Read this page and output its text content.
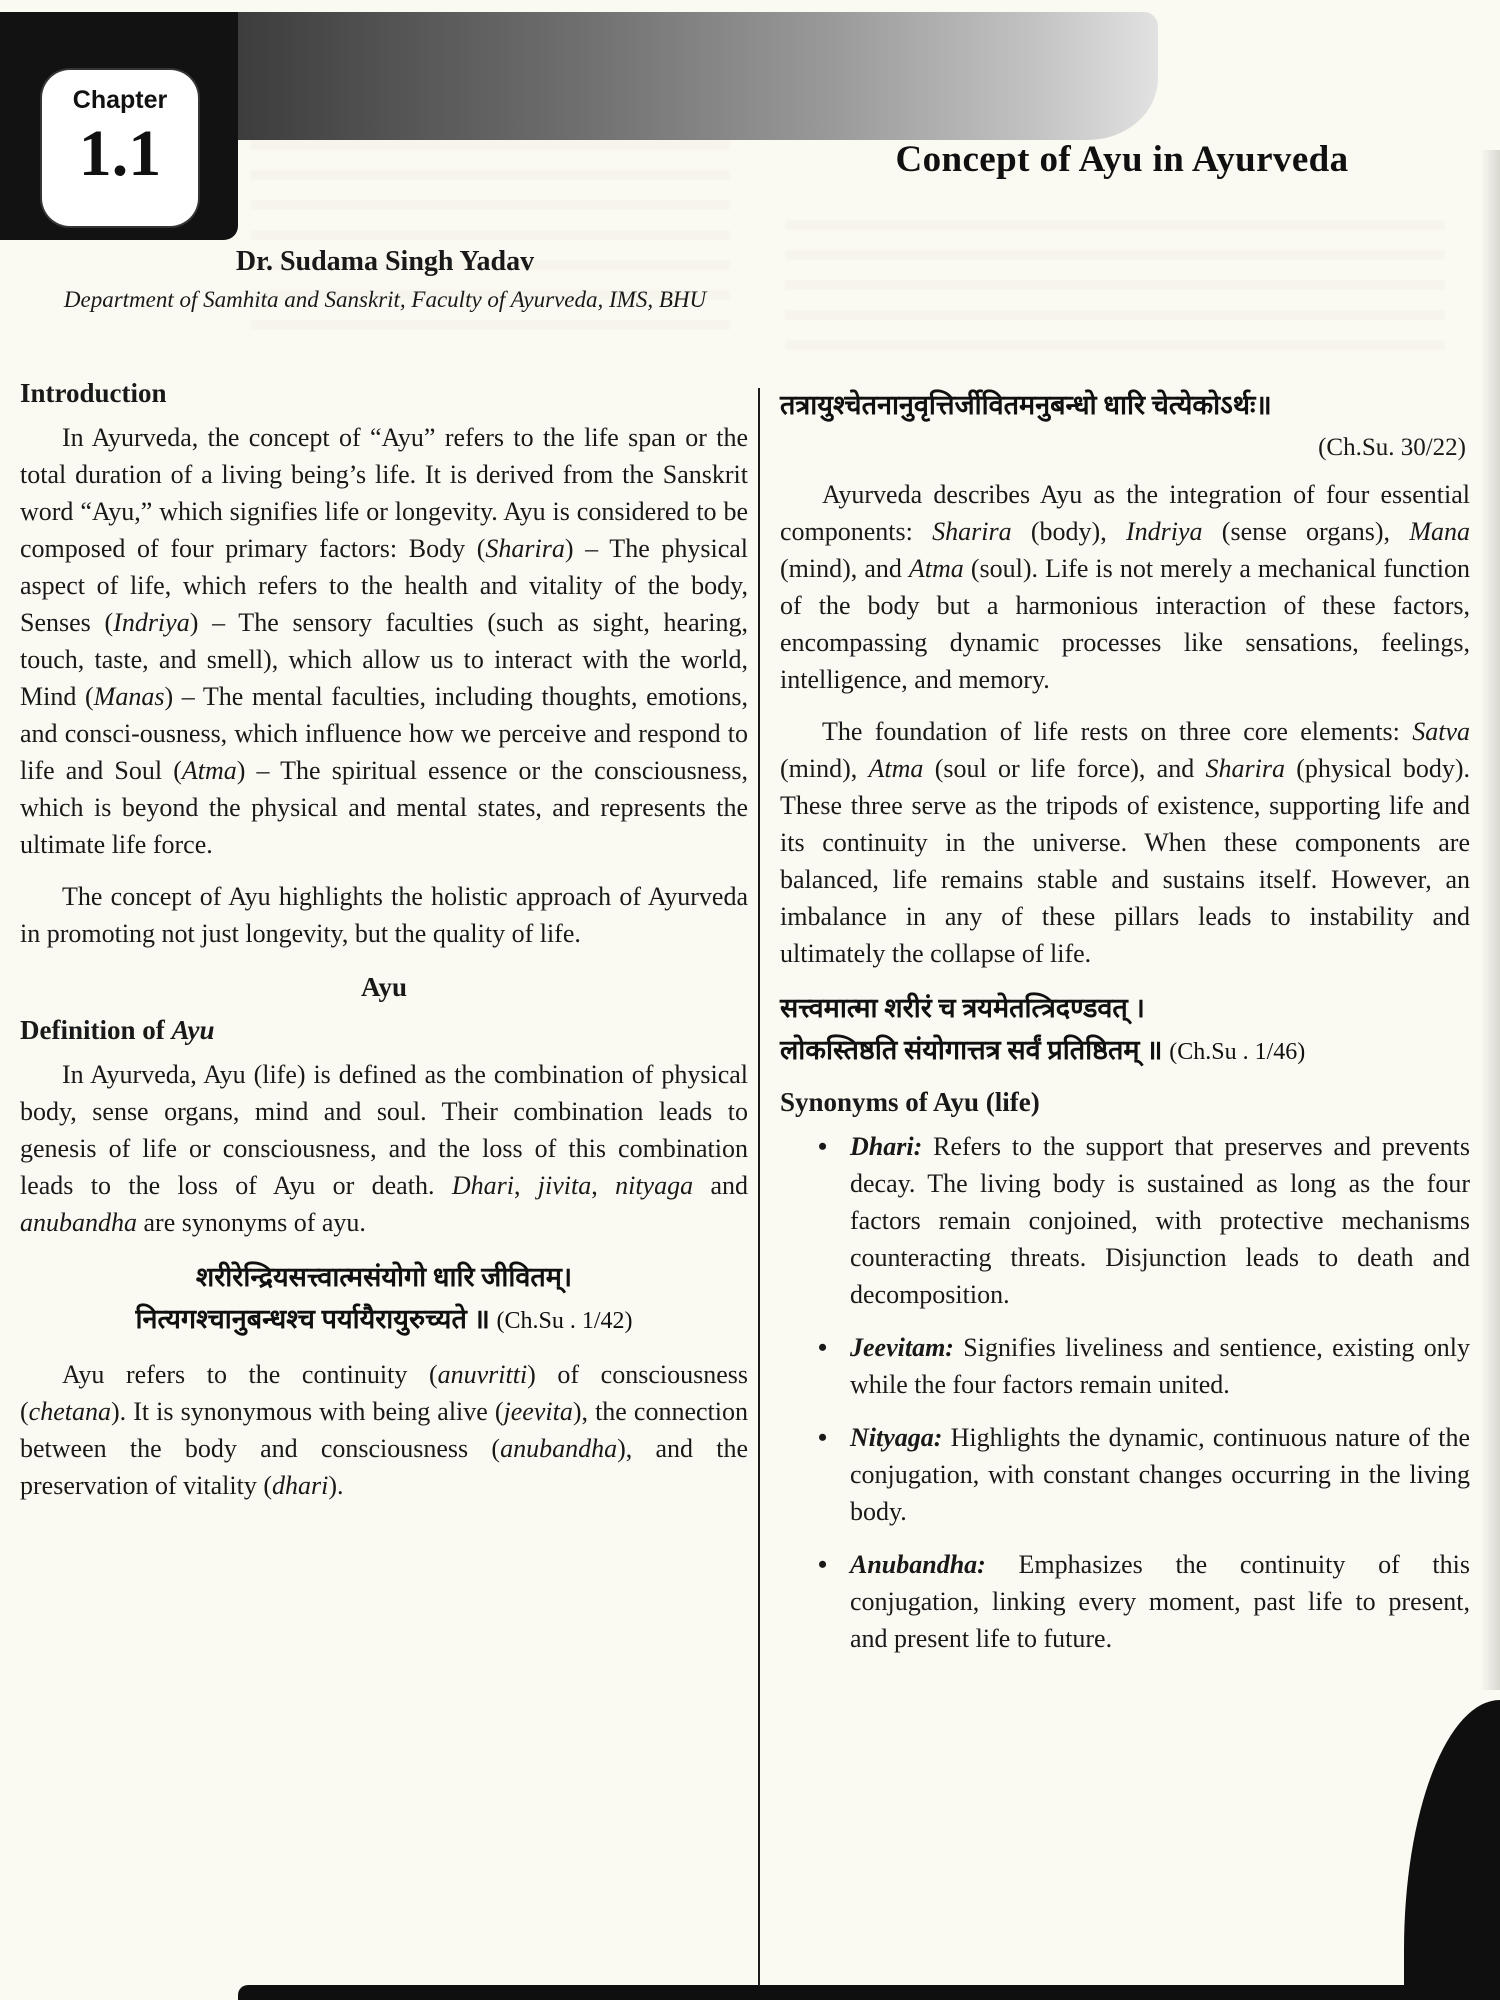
Chapter
1.1	Concept of Ayu in Ayurveda
Dr. Sudama Singh Yadav
Department of Samhita and Sanskrit, Faculty of Ayurveda, IMS, BHU
Introduction

In Ayurveda, the concept of “Ayu” refers to the life span or the total duration of a living being’s life. It is derived from the Sanskrit word “Ayu,” which signifies life or longevity. Ayu is considered to be composed of four primary factors: Body (Sharira) – The physical aspect of life, which refers to the health and vitality of the body, Senses (Indriya) – The sensory faculties (such as sight, hearing, touch, taste, and smell), which allow us to interact with the world, Mind (Manas) – The mental faculties, including thoughts, emotions, and consci-ousness, which influence how we perceive and respond to life and Soul (Atma) – The spiritual essence or the consciousness, which is beyond the physical and mental states, and represents the ultimate life force.

The concept of Ayu highlights the holistic approach of Ayurveda in promoting not just longevity, but the quality of life.

Ayu
Definition of Ayu

In Ayurveda, Ayu (life) is defined as the combination of physical body, sense organs, mind and soul. Their combination leads to genesis of life or consciousness, and the loss of this combination leads to the loss of Ayu or death. Dhari, jivita, nityaga and anubandha are synonyms of ayu.

शरीरेन्द्रियसत्त्वात्मसंयोगो धारि जीवितम्।
नित्यगश्चानुबन्धश्च पर्यायैरायुरुच्यते ॥ (Ch.Su . 1/42)

Ayu refers to the continuity (anuvritti) of consciousness (chetana). It is synonymous with being alive (jeevita), the connection between the body and consciousness (anubandha), and the preservation of vitality (dhari).

तत्रायुश्चेतनानुवृत्तिर्जीवितमनुबन्धो धारि चेत्येकोऽर्थः॥
(Ch.Su. 30/22)

Ayurveda describes Ayu as the integration of four essential components: Sharira (body), Indriya (sense organs), Mana (mind), and Atma (soul). Life is not merely a mechanical function of the body but a harmonious interaction of these factors, encompassing dynamic processes like sensations, feelings, intelligence, and memory.

The foundation of life rests on three core elements: Satva (mind), Atma (soul or life force), and Sharira (physical body). These three serve as the tripods of existence, supporting life and its continuity in the universe. When these components are balanced, life remains stable and sustains itself. However, an imbalance in any of these pillars leads to instability and ultimately the collapse of life.

सत्त्वमात्मा शरीरं च त्रयमेतत्त्रिदण्डवत् ।
लोकस्तिष्ठति संयोगात्तत्र सर्वं प्रतिष्ठितम् ॥ (Ch.Su . 1/46)
Synonyms of Ayu (life)
• Dhari: Refers to the support that preserves and prevents decay. The living body is sustained as long as the four factors remain conjoined, with protective mechanisms counteracting threats. Disjunction leads to death and decomposition.
• Jeevitam: Signifies liveliness and sentience, existing only while the four factors remain united.
• Nityaga: Highlights the dynamic, continuous nature of the conjugation, with constant changes occurring in the living body.
• Anubandha: Emphasizes the continuity of this conjugation, linking every moment, past life to present, and present life to future.
